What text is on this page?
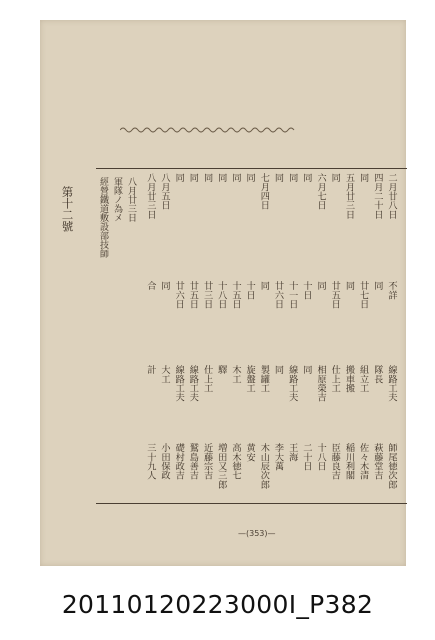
第十二號	經營鐵道敷設部技師 軍隊ノ為メ 八月廿三日	二月廿八日
不詳
線路工夫
師尾徳次郎
四月二十日
同
隊長
萩藤堂吉
同
廿七日
組立工
佐々木清
五月廿三日
同
搬車搬
稲川利閣
同
廿五日
仕上工
臣藤良吉
六月七日
同
相原榮吉
十八日
同
十日
同
二十日
同
十一日
線路工夫
王海
同
廿六日
同
李大萬
七月四日
同
製罐工
木山辰次郎
同
十日
旋盤工
黄安
同
十五日
木工
高木徳七
同
十八日
驛
増田又三郎
同
廿三日
仕上工
近藤宗吉
同
廿五日
線路工夫
鷲島善吉
同
廿六日
線路工夫
礎村政吉
八月五日
同
大工
小田保政
八月廿三日
合
計
三十九人
—(353)—
20110120223000I_P382
